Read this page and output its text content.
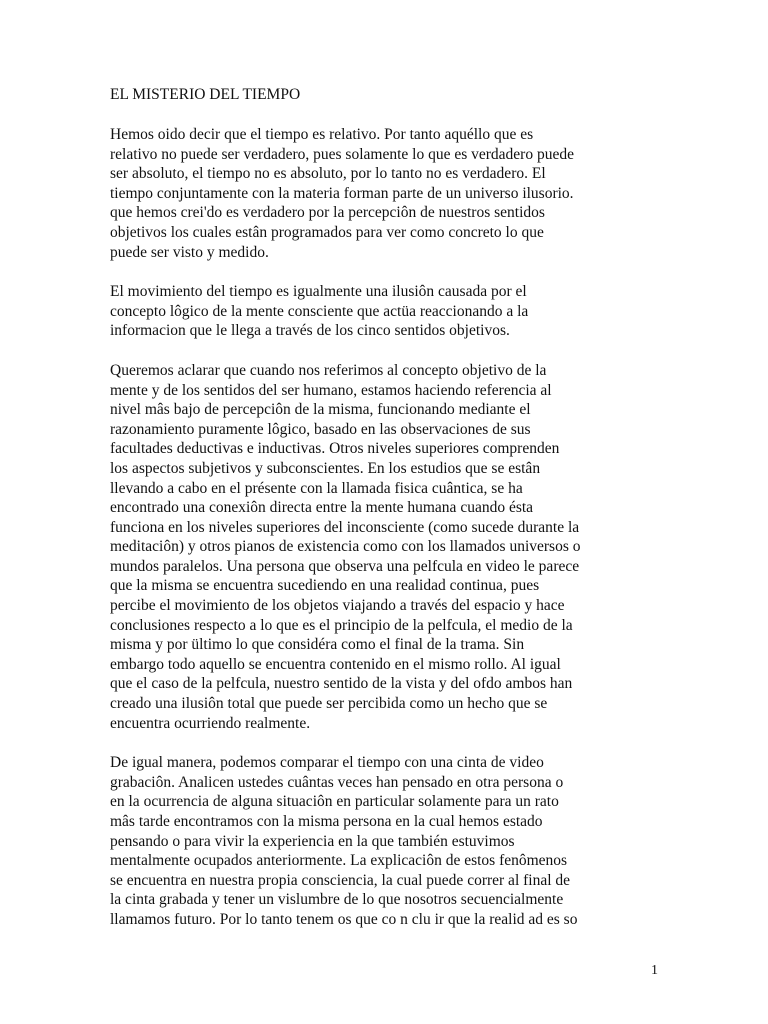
EL MISTERIO DEL TIEMPO
Hemos oido decir que el tiempo es relativo. Por tanto aquéllo que es
relativo no puede ser verdadero, pues solamente lo que es verdadero puede
ser absoluto, el tiempo no es absoluto, por lo tanto no es verdadero. El
tiempo conjuntamente con la materia forman parte de un universo ilusorio.
que hemos crei'do es verdadero por la percepciôn de nuestros sentidos
objetivos los cuales estân programados para ver como concreto lo que
puede ser visto y medido.
El movimiento del tiempo es igualmente una ilusiôn causada por el
concepto lôgico de la mente consciente que actüa reaccionando a la
informacion que le llega a través de los cinco sentidos objetivos.
Queremos aclarar que cuando nos referimos al concepto objetivo de la
mente y de los sentidos del ser humano, estamos haciendo referencia al
nivel mâs bajo de percepciôn de la misma, funcionando mediante el
razonamiento puramente lôgico, basado en las observaciones de sus
facultades deductivas e inductivas. Otros niveles superiores comprenden
los aspectos subjetivos y subconscientes. En los estudios que se estân
llevando a cabo en el présente con la llamada fisica cuântica, se ha
encontrado una conexiôn directa entre la mente humana cuando ésta
funciona en los niveles superiores del inconsciente (como sucede durante la
meditaciôn) y otros pianos de existencia como con los llamados universos o
mundos paralelos. Una persona que observa una pelfcula en video le parece
que la misma se encuentra sucediendo en una realidad continua, pues
percibe el movimiento de los objetos viajando a través del espacio y hace
conclusiones respecto a lo que es el principio de la pelfcula, el medio de la
misma y por ültimo lo que considéra como el final de la trama. Sin
embargo todo aquello se encuentra contenido en el mismo rollo. Al igual
que el caso de la pelfcula, nuestro sentido de la vista y del ofdo ambos han
creado una ilusiôn total que puede ser percibida como un hecho que se
encuentra ocurriendo realmente.
De igual manera, podemos comparar el tiempo con una cinta de video
grabaciôn. Analicen ustedes cuântas veces han pensado en otra persona o
en la ocurrencia de alguna situaciôn en particular solamente para un rato
mâs tarde encontramos con la misma persona en la cual hemos estado
pensando o para vivir la experiencia en la que también estuvimos
mentalmente ocupados anteriormente. La explicaciôn de estos fenômenos
se encuentra en nuestra propia consciencia, la cual puede correr al final de
la cinta grabada y tener un vislumbre de lo que nosotros secuencialmente
llamamos futuro. Por lo tanto tenem os que co n clu ir que la realid ad es so
1
